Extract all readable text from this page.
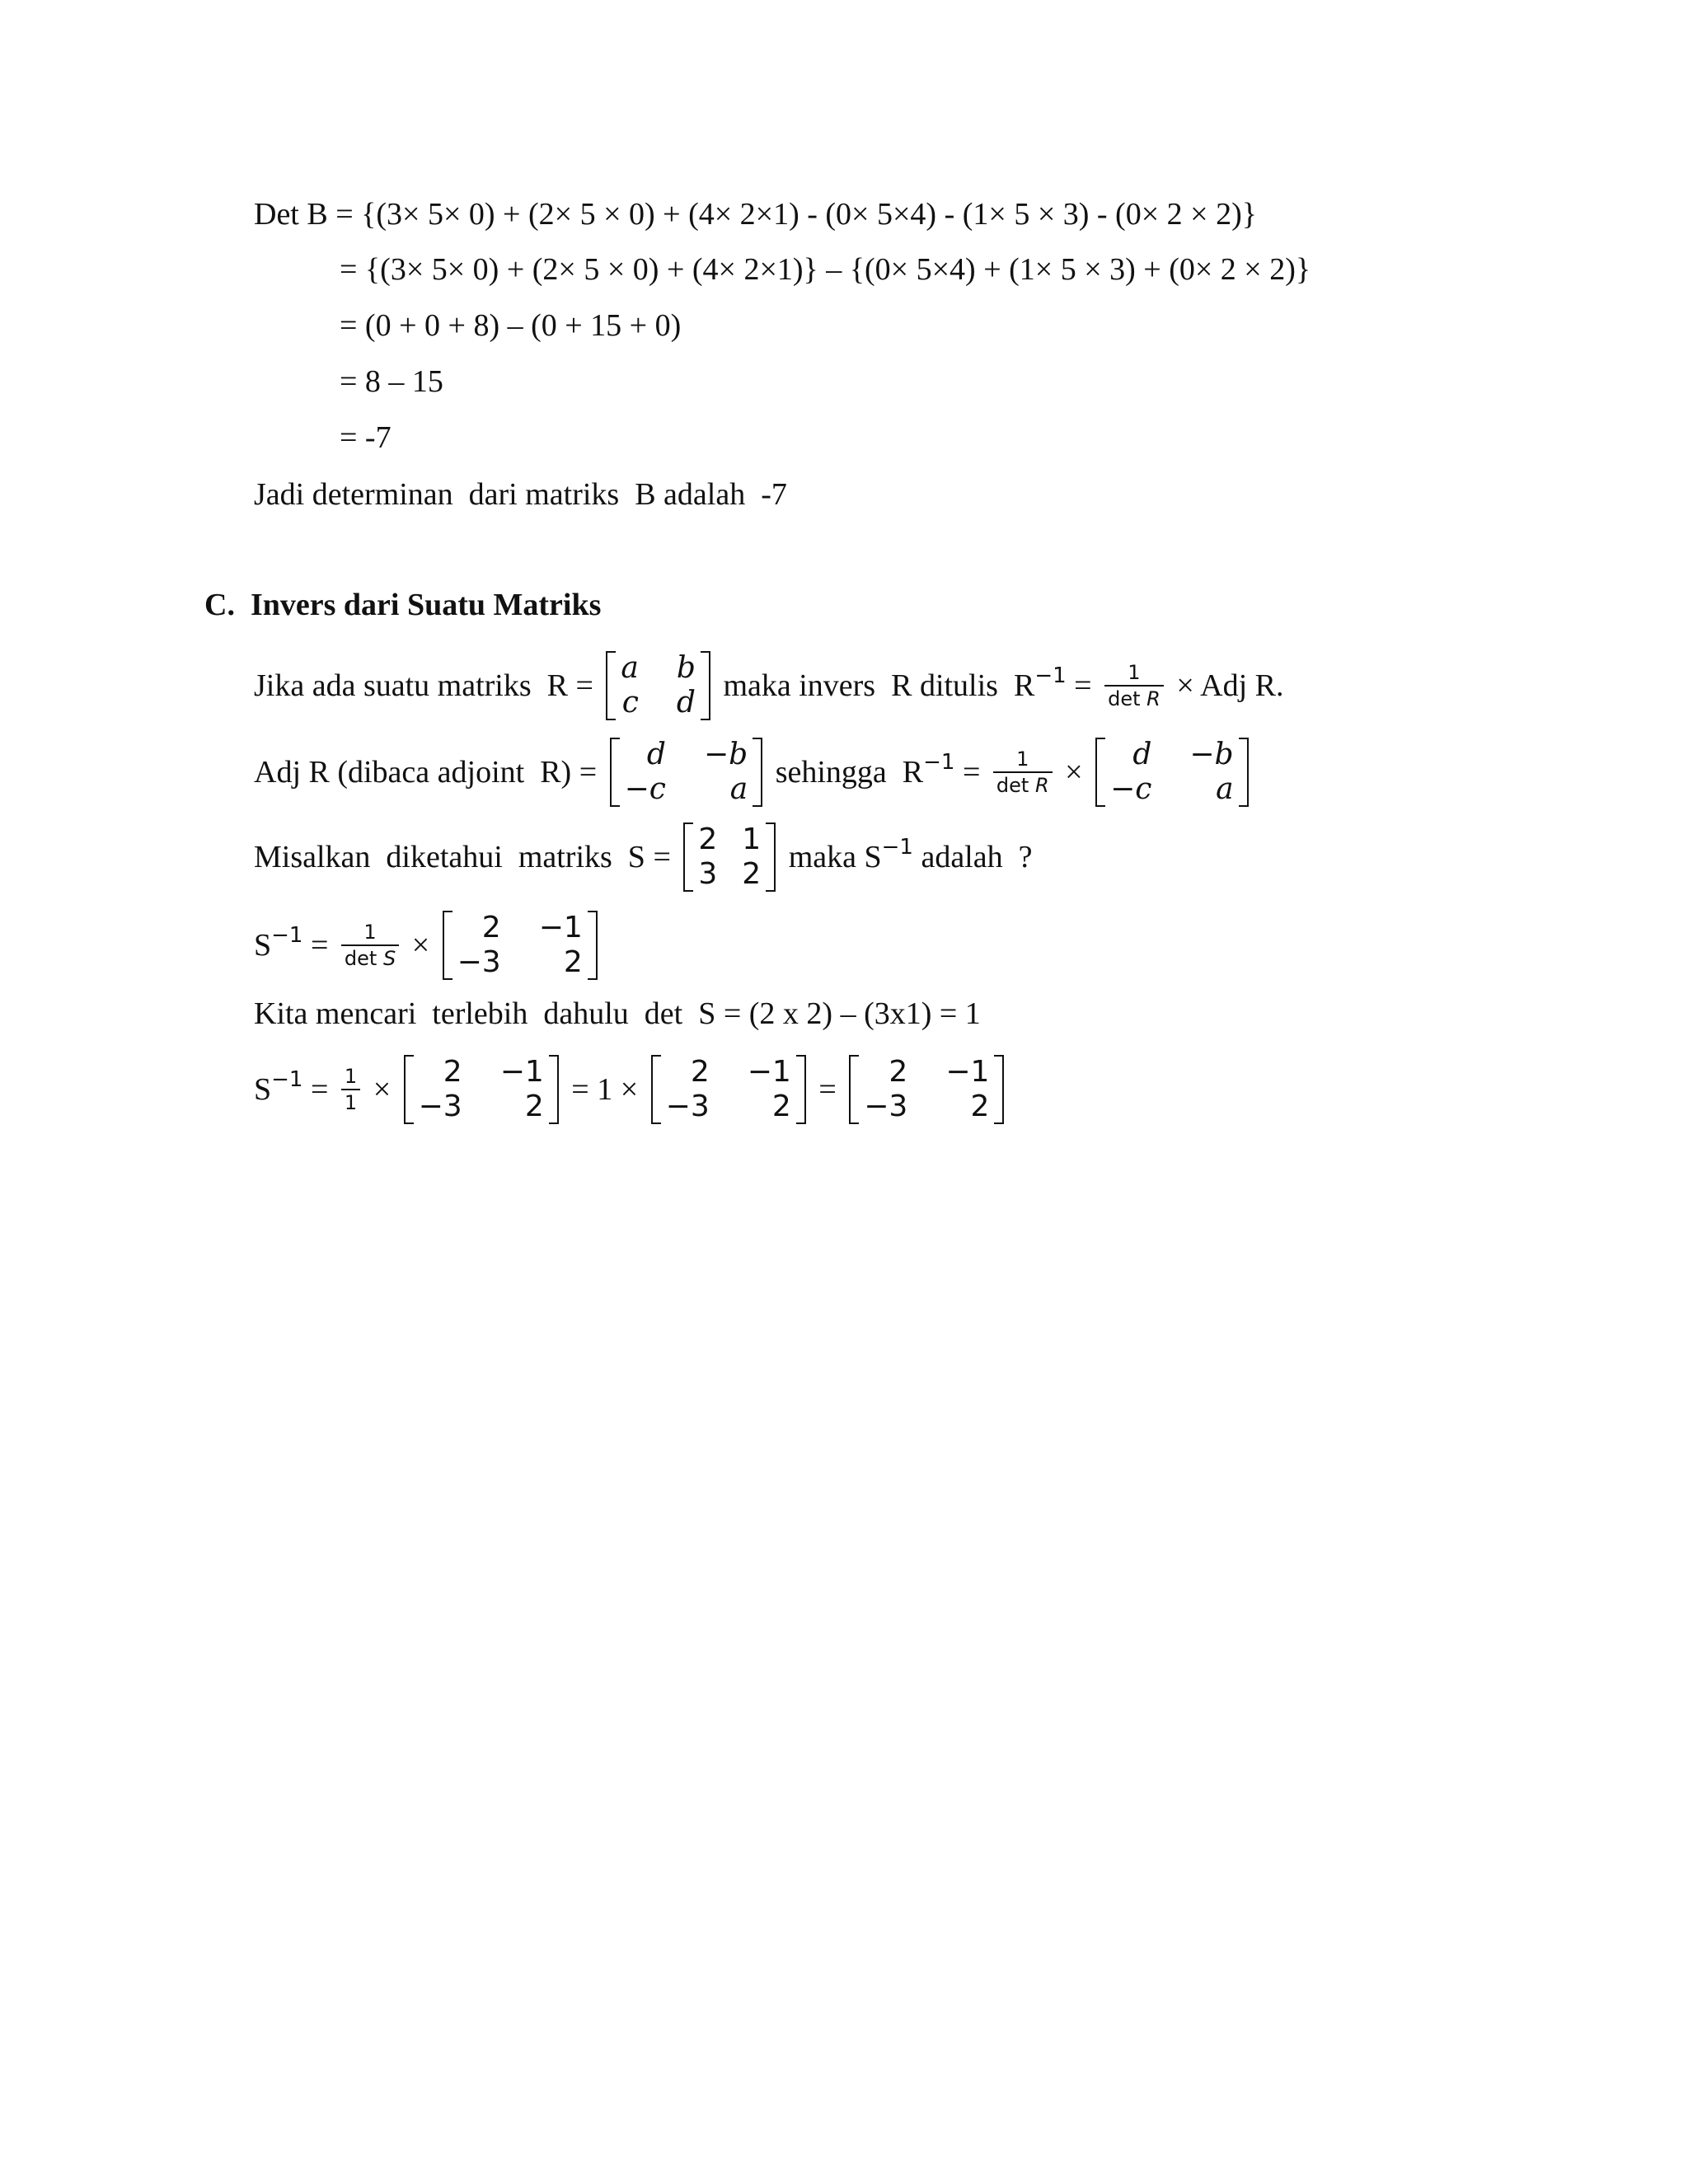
Det B = {(3× 5× 0) + (2× 5 × 0) + (4× 2×1) - (0× 5×4) - (1× 5 × 3) - (0× 2 × 2)}
= {(3× 5× 0) + (2× 5 × 0) + (4× 2×1)} – {(0× 5×4) + (1× 5 × 3) + (0× 2 × 2)}
= (0 + 0 + 8) – (0 + 15 + 0)
= 8 – 15
= -7
Jadi determinan  dari matriks  B adalah  -7
C.  Invers dari Suatu Matriks
Jika ada suatu matriks  R =
a b
c d maka invers  R ditulis  $R -1 = \frac{1}{\text{det R}}$ × Adj R.
Adj R (dibaca adjoint  R) =
d −b
−c	a sehingga  $R -1 = \frac{1}{\text{det R}}$ ×
d −b
−c	a
Misalkan  diketahui  matriks  S =
2 1
3 2 maka S −1 adalah  ?
$S -1 = \frac{1}{\text{det S}}$ ×
2 −1
−3	2
Kita mencari  terlebih  dahulu  det  S = (2 x 2) – (3x1) = 1
$S -1 = \frac{1}{1}$ ×
2 −1
−3	2 = 1 ×
2 −1
−3	2 =
2 −1
−3	2
